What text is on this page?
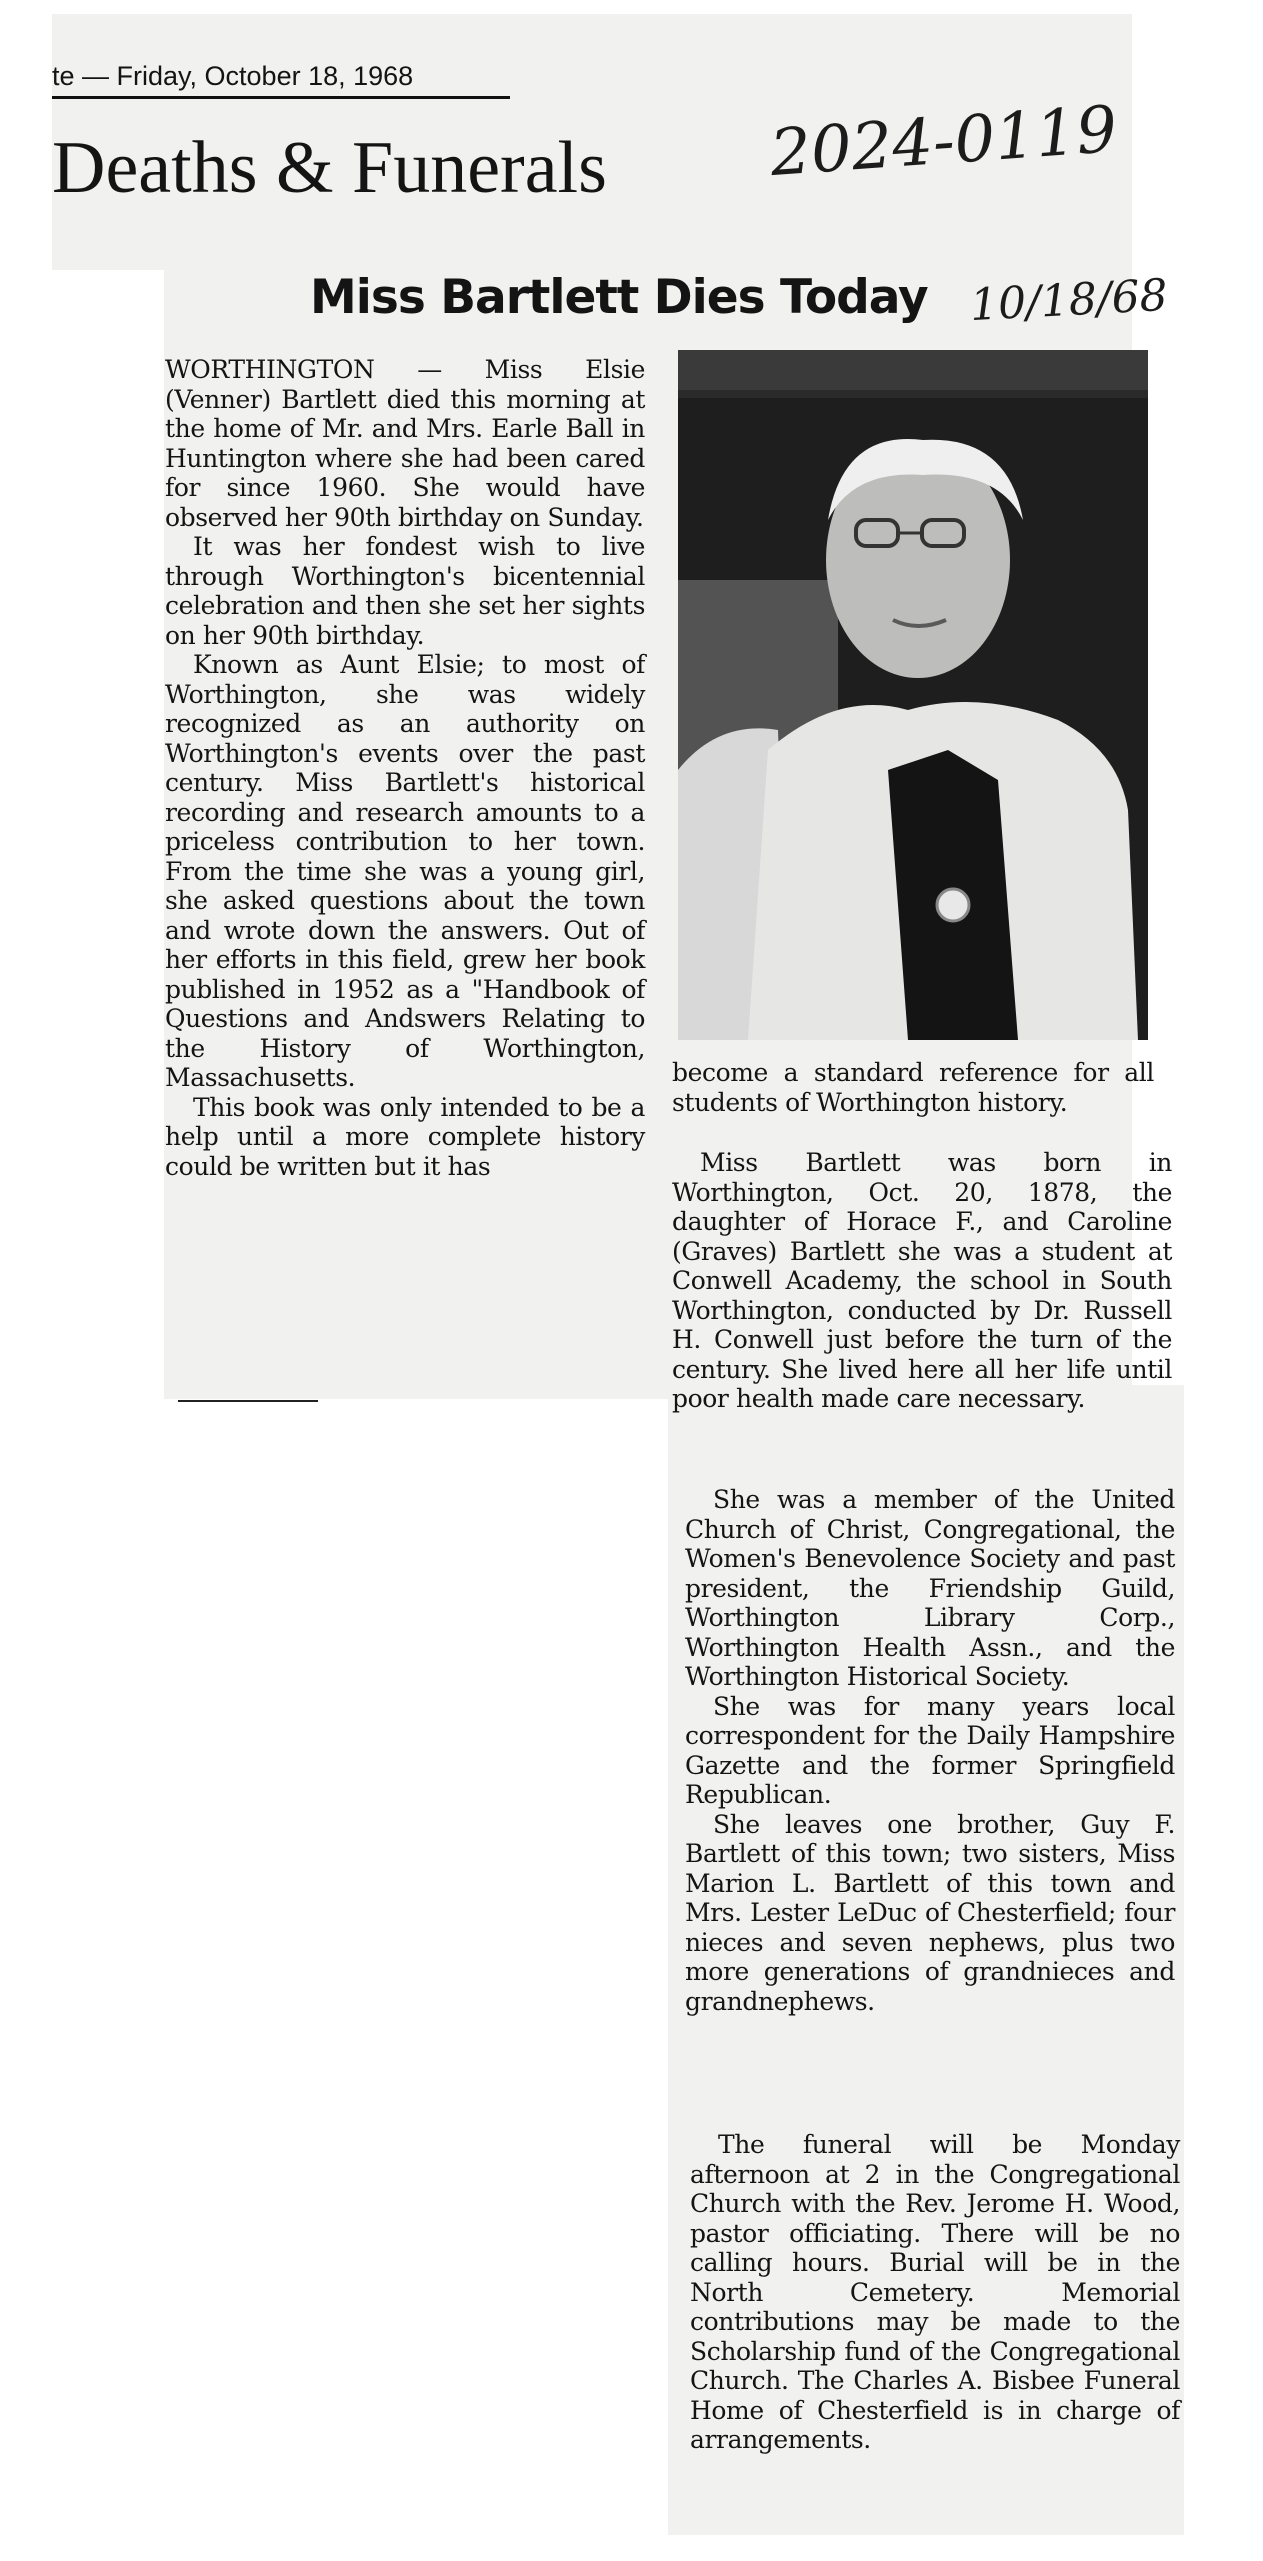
te — Friday, October 18, 1968
Deaths & Funerals	2024-0119
Miss Bartlett Dies Today 10/18/68

WORTHINGTON — Miss Elsie (Venner) Bartlett died this morning at the home of Mr. and Mrs. Earle Ball in Huntington where she had been cared for since 1960. She would have observed her 90th birthday on Sunday.

It was her fondest wish to live through Worthington's bicentennial celebration and then she set her sights on her 90th birthday.

Known as Aunt Elsie; to most of Worthington, she was widely recognized as an authority on Worthington's events over the past century. Miss Bartlett's historical recording and research amounts to a priceless contribution to her town. From the time she was a young girl, she asked questions about the town and wrote down the answers. Out of her efforts in this field, grew her book published in 1952 as a "Handbook of Questions and Andswers Relating to the History of Worthington, Massachusetts.

This book was only intended to be a help until a more complete history could be written but it has

become a standard reference for all students of Worthington history.

Miss Bartlett was born in Worthington, Oct. 20, 1878, the daughter of Horace F., and Caroline (Graves) Bartlett she was a student at Conwell Academy, the school in South Worthington, conducted by Dr. Russell H. Conwell just before the turn of the century. She lived here all her life until poor health made care necessary.

She was a member of the United Church of Christ, Congregational, the Women's Benevolence Society and past president, the Friendship Guild, Worthington Library Corp., Worthington Health Assn., and the Worthington Historical Society.

She was for many years local correspondent for the Daily Hampshire Gazette and the former Springfield Republican.

She leaves one brother, Guy F. Bartlett of this town; two sisters, Miss Marion L. Bartlett of this town and Mrs. Lester LeDuc of Chesterfield; four nieces and seven nephews, plus two more generations of grandnieces and grandnephews.

The funeral will be Monday afternoon at 2 in the Congregational Church with the Rev. Jerome H. Wood, pastor officiating. There will be no calling hours. Burial will be in the North Cemetery. Memorial contributions may be made to the Scholarship fund of the Congregational Church. The Charles A. Bisbee Funeral Home of Chesterfield is in charge of arrangements.
